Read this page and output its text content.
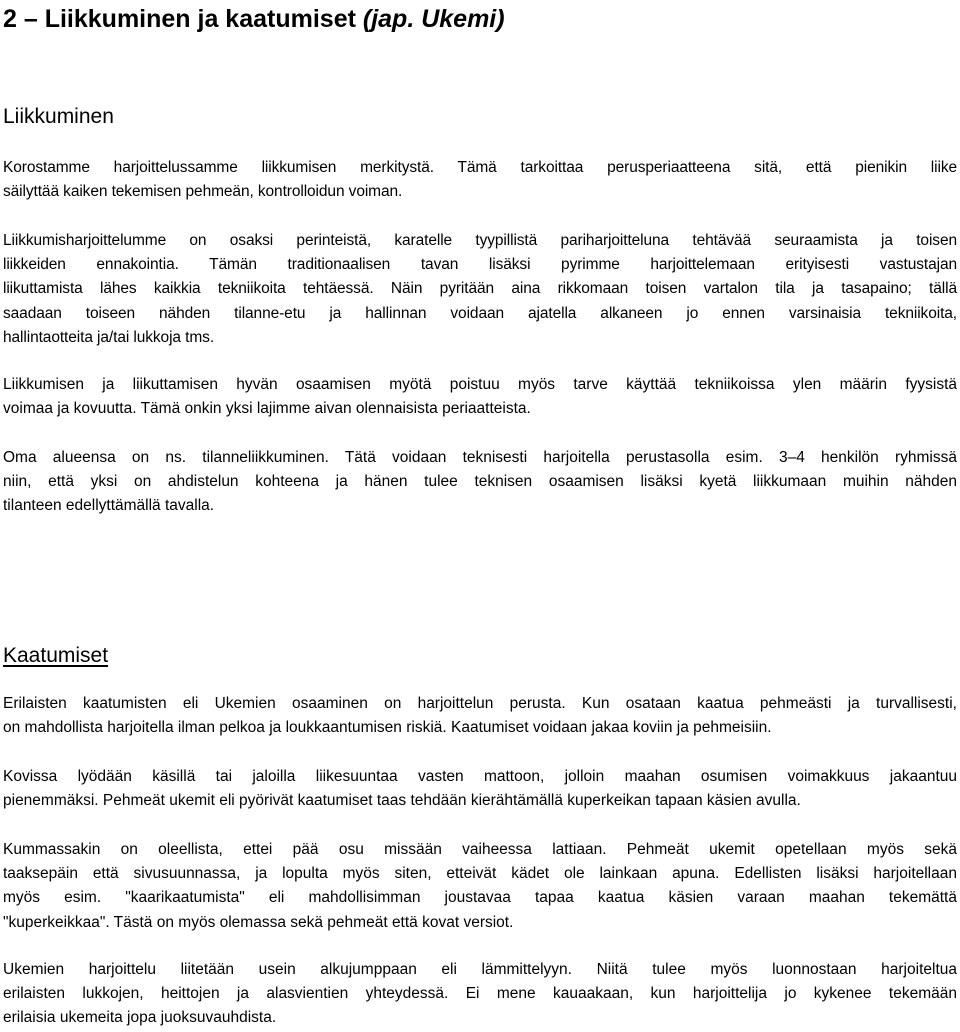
2 – Liikkuminen ja kaatumiset (jap. Ukemi)
Liikkuminen
Korostamme harjoittelussamme liikkumisen merkitystä. Tämä tarkoittaa perusperiaatteena sitä, että pienikin liike
säilyttää kaiken tekemisen pehmeän, kontrolloidun voiman.
Liikkumisharjoittelumme on osaksi perinteistä, karatelle tyypillistä pariharjoitteluna tehtävää seuraamista ja toisen
liikkeiden ennakointia. Tämän traditionaalisen tavan lisäksi pyrimme harjoittelemaan erityisesti vastustajan
liikuttamista lähes kaikkia tekniikoita tehtäessä. Näin pyritään aina rikkomaan toisen vartalon tila ja tasapaino; tällä
saadaan toiseen nähden tilanne-etu ja hallinnan voidaan ajatella alkaneen jo ennen varsinaisia tekniikoita,
hallintaotteita ja/tai lukkoja tms.
Liikkumisen ja liikuttamisen hyvän osaamisen myötä poistuu myös tarve käyttää tekniikoissa ylen määrin fyysistä
voimaa ja kovuutta. Tämä onkin yksi lajimme aivan olennaisista periaatteista.
Oma alueensa on ns. tilanneliikkuminen. Tätä voidaan teknisesti harjoitella perustasolla esim. 3–4 henkilön ryhmissä
niin, että yksi on ahdistelun kohteena ja hänen tulee teknisen osaamisen lisäksi kyetä liikkumaan muihin nähden
tilanteen edellyttämällä tavalla.
Kaatumiset
Erilaisten kaatumisten eli Ukemien osaaminen on harjoittelun perusta. Kun osataan kaatua pehmeästi ja turvallisesti,
on mahdollista harjoitella ilman pelkoa ja loukkaantumisen riskiä. Kaatumiset voidaan jakaa koviin ja pehmeisiin.
Kovissa lyödään käsillä tai jaloilla liikesuuntaa vasten mattoon, jolloin maahan osumisen voimakkuus jakaantuu
pienemmäksi. Pehmeät ukemit eli pyörivät kaatumiset taas tehdään kierähtämällä kuperkeikan tapaan käsien avulla.
Kummassakin on oleellista, ettei pää osu missään vaiheessa lattiaan. Pehmeät ukemit opetellaan myös sekä
taaksepäin että sivusuunnassa, ja lopulta myös siten, etteivät kädet ole lainkaan apuna. Edellisten lisäksi harjoitellaan
myös esim. "kaarikaatumista" eli mahdollisimman joustavaa tapaa kaatua käsien varaan maahan tekemättä
"kuperkeikkaa". Tästä on myös olemassa sekä pehmeät että kovat versiot.
Ukemien harjoittelu liitetään usein alkujumppaan eli lämmittelyyn. Niitä tulee myös luonnostaan harjoiteltua
erilaisten lukkojen, heittojen ja alasvientien yhteydessä. Ei mene kauaakaan, kun harjoittelija jo kykenee tekemään
erilaisia ukemeita jopa juoksuvauhdista.
